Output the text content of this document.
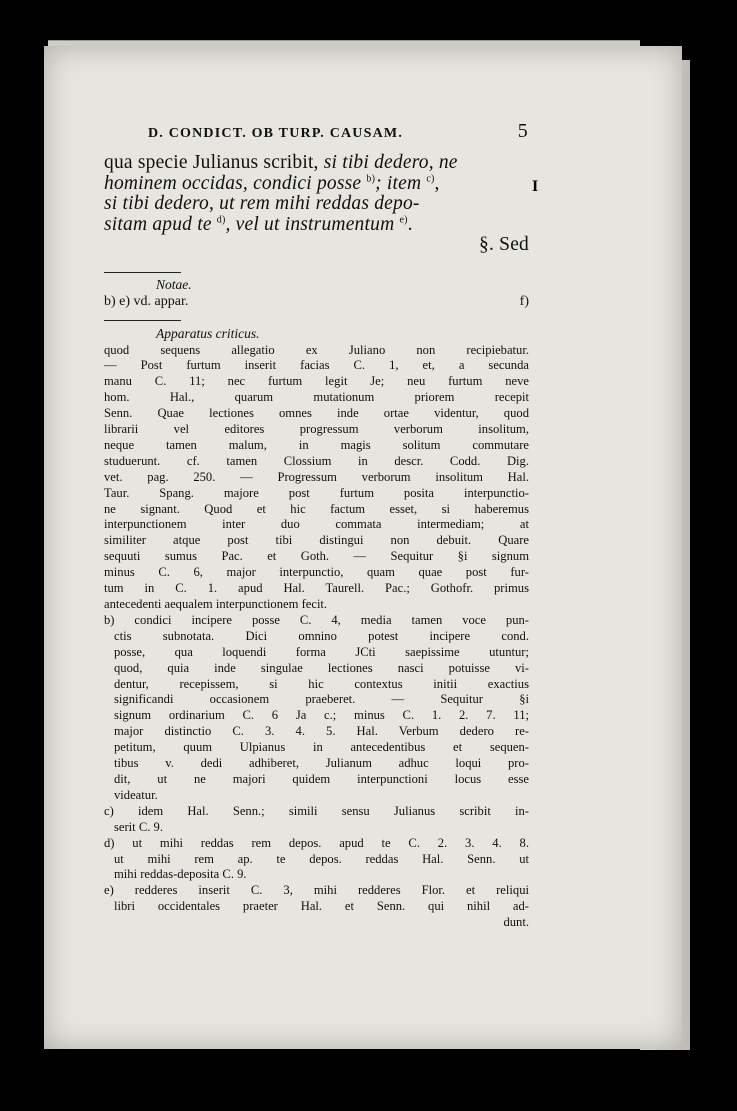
D. CONDICT. OB TURP. CAUSAM.	5
qua specie Julianus scribit, si tibi dedero, ne
hominem occidas, condici posse $^{b)}$; item $^{c)}$,
si tibi dedero, ut rem mihi reddas depo-
sitam apud te $^{d)}$, vel ut instrumentum $^{e)}$.
§. Sed
Notae.
b) e) vd. appar.	f)
Apparatus criticus.
quod sequens allegatio ex Juliano non recipiebatur.
— Post furtum inserit facias C. 1, et, a secunda
manu C. 11; nec furtum legit Je; neu furtum neve
hom. Hal., quarum mutationum priorem recepit
Senn. Quae lectiones omnes inde ortae videntur, quod
librarii vel editores progressum verborum insolitum,
neque tamen malum, in magis solitum commutare
studuerunt. cf. tamen Clossium in descr. Codd. Dig.
vet. pag. 250. — Progressum verborum insolitum Hal.
Taur. Spang. majore post furtum posita interpunctio-
ne signant. Quod et hic factum esset, si haberemus
interpunctionem inter duo commata intermediam; at
similiter atque post tibi distingui non debuit. Quare
sequuti sumus Pac. et Goth. — Sequitur §i signum
minus C. 6, major interpunctio, quam quae post fur-
tum in C. 1. apud Hal. Taurell. Pac.; Gothofr. primus
antecedenti aequalem interpunctionem fecit.
b) condici incipere posse C. 4, media tamen voce pun-
ctis subnotata. Dici omnino potest incipere cond.
posse, qua loquendi forma JCti saepissime utuntur;
quod, quia inde singulae lectiones nasci potuisse vi-
dentur, recepissem, si hic contextus initii exactius
significandi occasionem praeberet. — Sequitur §i
signum ordinarium C. 6 Ja c.; minus C. 1. 2. 7. 11;
major distinctio C. 3. 4. 5. Hal. Verbum dedero re-
petitum, quum Ulpianus in antecedentibus et sequen-
tibus v. dedi adhiberet, Julianum adhuc loqui pro-
dit, ut ne majori quidem interpunctioni locus esse
videatur.
c) idem Hal. Senn.; simili sensu Julianus scribit in-
serit C. 9.
d) ut mihi reddas rem depos. apud te C. 2. 3. 4. 8.
ut mihi rem ap. te depos. reddas Hal. Senn. ut
mihi reddas-deposita C. 9.
e) redderes inserit C. 3, mihi redderes Flor. et reliqui
libri occidentales praeter Hal. et Senn. qui nihil ad-
dunt.
I
